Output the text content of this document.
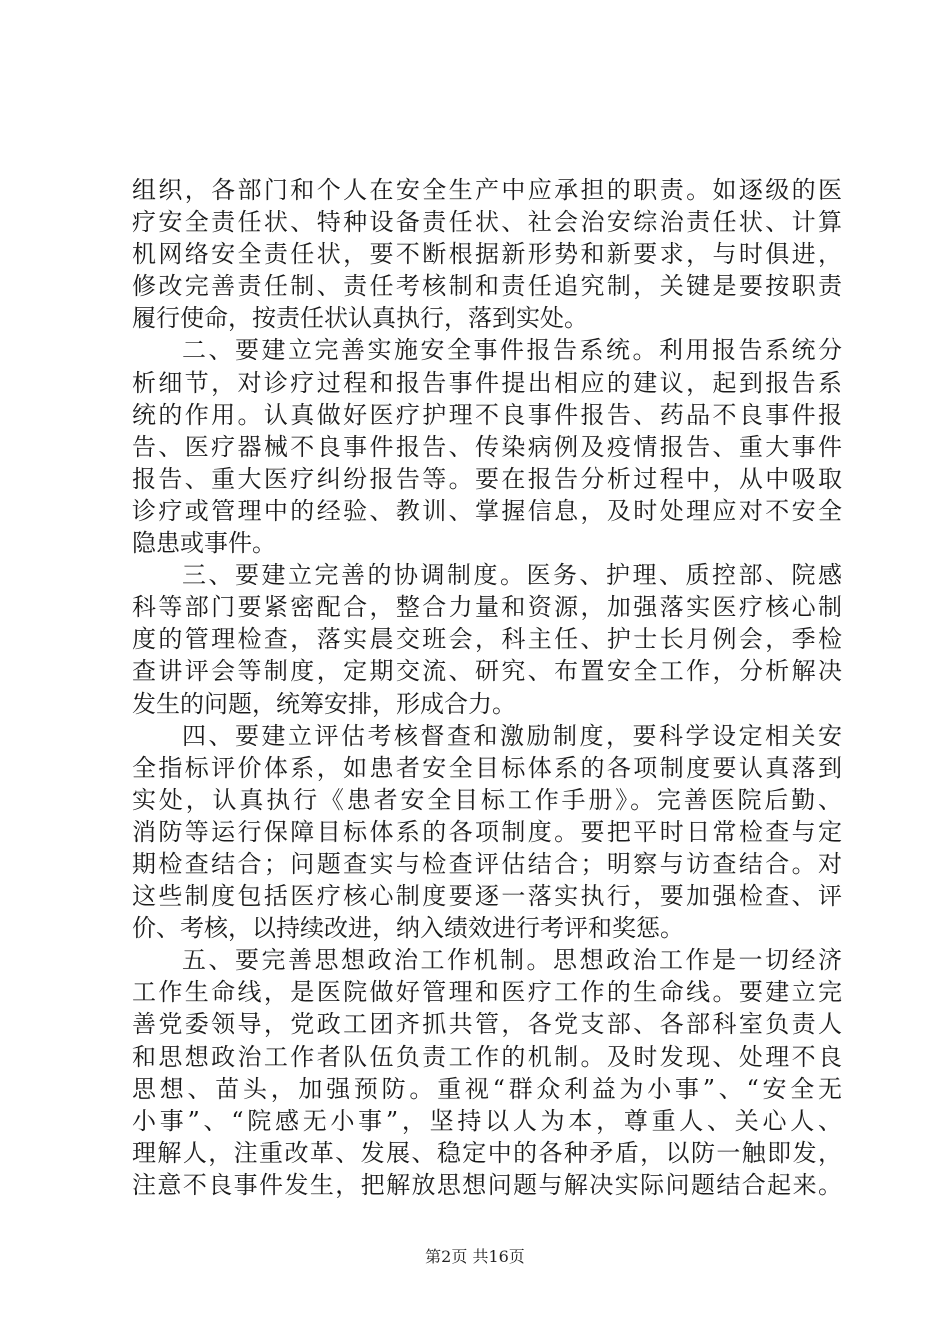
组织，各部门和个人在安全生产中应承担的职责。如逐级的医
疗安全责任状、特种设备责任状、社会治安综治责任状、计算
机网络安全责任状，要不断根据新形势和新要求，与时俱进，
修改完善责任制、责任考核制和责任追究制，关键是要按职责
履行使命，按责任状认真执行，落到实处。
二、要建立完善实施安全事件报告系统。利用报告系统分
析细节，对诊疗过程和报告事件提出相应的建议，起到报告系
统的作用。认真做好医疗护理不良事件报告、药品不良事件报
告、医疗器械不良事件报告、传染病例及疫情报告、重大事件
报告、重大医疗纠纷报告等。要在报告分析过程中，从中吸取
诊疗或管理中的经验、教训、掌握信息，及时处理应对不安全
隐患或事件。
三、要建立完善的协调制度。医务、护理、质控部、院感
科等部门要紧密配合，整合力量和资源，加强落实医疗核心制
度的管理检查，落实晨交班会，科主任、护士长月例会，季检
查讲评会等制度，定期交流、研究、布置安全工作，分析解决
发生的问题，统筹安排，形成合力。
四、要建立评估考核督查和激励制度，要科学设定相关安
全指标评价体系，如患者安全目标体系的各项制度要认真落到
实处，认真执行《患者安全目标工作手册》。完善医院后勤、
消防等运行保障目标体系的各项制度。要把平时日常检查与定
期检查结合；问题查实与检查评估结合；明察与访查结合。对
这些制度包括医疗核心制度要逐一落实执行，要加强检查、评
价、考核，以持续改进，纳入绩效进行考评和奖惩。
五、要完善思想政治工作机制。思想政治工作是一切经济
工作生命线，是医院做好管理和医疗工作的生命线。要建立完
善党委领导，党政工团齐抓共管，各党支部、各部科室负责人
和思想政治工作者队伍负责工作的机制。及时发现、处理不良
思想、苗头，加强预防。重视“群众利益为小事”、“安全无
小事”、“院感无小事”，坚持以人为本，尊重人、关心人、
理解人，注重改革、发展、稳定中的各种矛盾，以防一触即发，
注意不良事件发生，把解放思想问题与解决实际问题结合起来。
第2页 共16页
